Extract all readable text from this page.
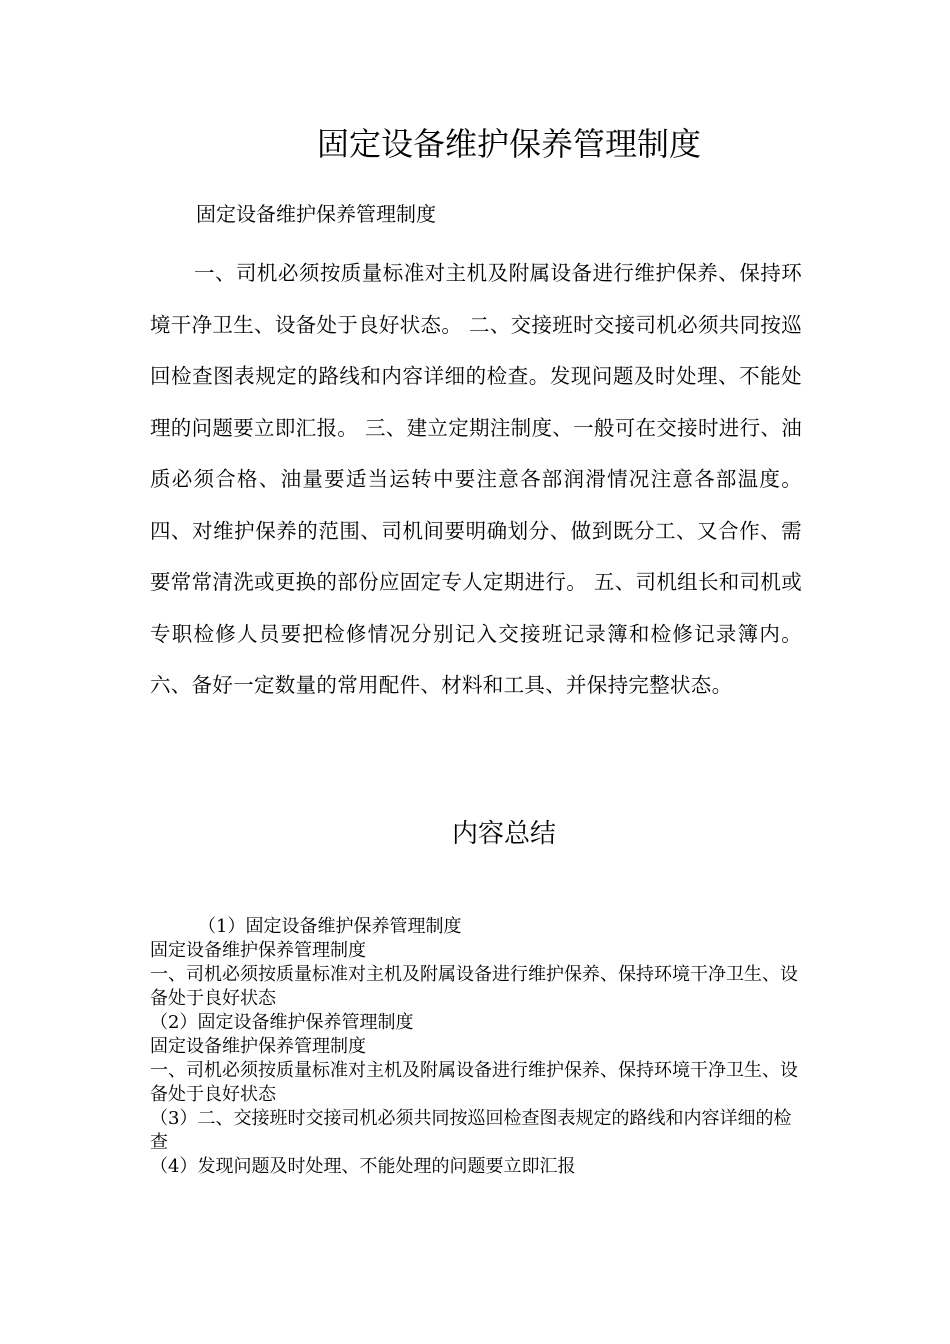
固定设备维护保养管理制度

固定设备维护保养管理制度

一、司机必须按质量标准对主机及附属设备进行维护保养、保持环境干净卫生、设备处于良好状态。 二、交接班时交接司机必须共同按巡回检查图表规定的路线和内容详细的检查。发现问题及时处理、不能处理的问题要立即汇报。 三、建立定期注制度、一般可在交接时进行、油质必须合格、油量要适当运转中要注意各部润滑情况注意各部温度。 四、对维护保养的范围、司机间要明确划分、做到既分工、又合作、需要常常清洗或更换的部份应固定专人定期进行。 五、司机组长和司机或专职检修人员要把检修情况分别记入交接班记录簿和检修记录簿内。 六、备好一定数量的常用配件、材料和工具、并保持完整状态。

内容总结

（1）固定设备维护保养管理制度

固定设备维护保养管理制度

一、司机必须按质量标准对主机及附属设备进行维护保养、保持环境干净卫生、设备处于良好状态

（2）固定设备维护保养管理制度

固定设备维护保养管理制度

一、司机必须按质量标准对主机及附属设备进行维护保养、保持环境干净卫生、设备处于良好状态

（3）二、交接班时交接司机必须共同按巡回检查图表规定的路线和内容详细的检查

（4）发现问题及时处理、不能处理的问题要立即汇报
